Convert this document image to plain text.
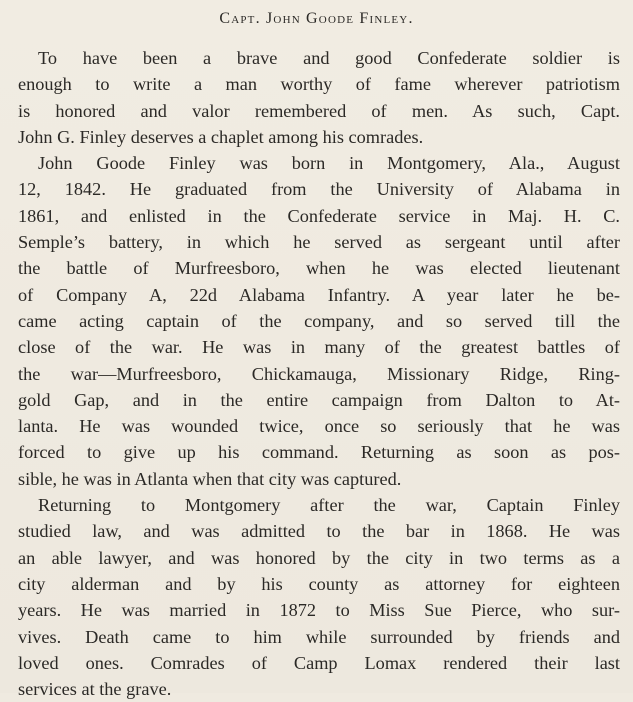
Capt. John Goode Finley.
To have been a brave and good Confederate soldier is
enough to write a man worthy of fame wherever patriotism
is honored and valor remembered of men. As such, Capt.
John G. Finley deserves a chaplet among his comrades.
John Goode Finley was born in Montgomery, Ala., August
12, 1842. He graduated from the University of Alabama in
1861, and enlisted in the Confederate service in Maj. H. C.
Semple’s battery, in which he served as sergeant until after
the battle of Murfreesboro, when he was elected lieutenant
of Company A, 22d Alabama Infantry. A year later he be-
came acting captain of the company, and so served till the
close of the war. He was in many of the greatest battles of
the war—Murfreesboro, Chickamauga, Missionary Ridge, Ring-
gold Gap, and in the entire campaign from Dalton to At-
lanta. He was wounded twice, once so seriously that he was
forced to give up his command. Returning as soon as pos-
sible, he was in Atlanta when that city was captured.
Returning to Montgomery after the war, Captain Finley
studied law, and was admitted to the bar in 1868. He was
an able lawyer, and was honored by the city in two terms as a
city alderman and by his county as attorney for eighteen
years. He was married in 1872 to Miss Sue Pierce, who sur-
vives. Death came to him while surrounded by friends and
loved ones. Comrades of Camp Lomax rendered their last
services at the grave.
